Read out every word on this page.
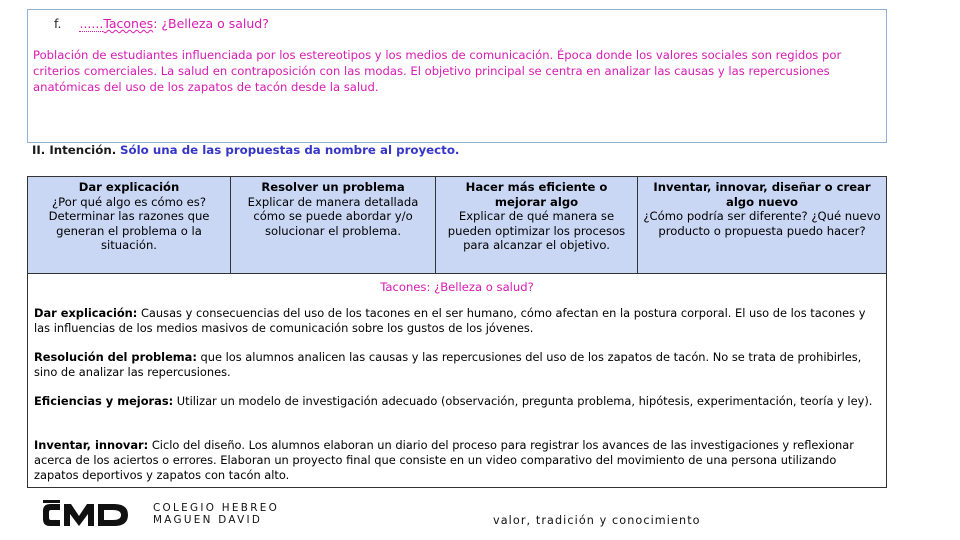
f. ......Tacones: ¿Belleza o salud?

Población de estudiantes influenciada por los estereotipos y los medios de comunicación. Época donde los valores sociales son regidos por criterios comerciales. La salud en contraposición con las modas. El objetivo principal se centra en analizar las causas y las repercusiones anatómicas del uso de los zapatos de tacón desde la salud.

II. Intención. Sólo una de las propuestas da nombre al proyecto.
Dar explicación
¿Por qué algo es cómo es? Determinar las razones que generan el problema o la situación.
Resolver un problema
Explicar de manera detallada cómo se puede abordar y/o solucionar el problema.
Hacer más eficiente o mejorar algo
Explicar de qué manera se pueden optimizar los procesos para alcanzar el objetivo.
Inventar, innovar, diseñar o crear algo nuevo
¿Cómo podría ser diferente? ¿Qué nuevo producto o propuesta puedo hacer?
Tacones: ¿Belleza o salud?

Dar explicación: Causas y consecuencias del uso de los tacones en el ser humano, cómo afectan en la postura corporal. El uso de los tacones y las influencias de los medios masivos de comunicación sobre los gustos de los jóvenes.

Resolución del problema: que los alumnos analicen las causas y las repercusiones del uso de los zapatos de tacón. No se trata de prohibirles, sino de analizar las repercusiones.

Eficiencias y mejoras: Utilizar un modelo de investigación adecuado (observación, pregunta problema, hipótesis, experimentación, teoría y ley).

Inventar, innovar: Ciclo del diseño. Los alumnos elaboran un diario del proceso para registrar los avances de las investigaciones y reflexionar acerca de los aciertos o errores. Elaboran un proyecto final que consiste en un video comparativo del movimiento de una persona utilizando zapatos deportivos y zapatos con tacón alto.

COLEGIO HEBREO
MAGUEN DAVID	valor, tradición y conocimiento
